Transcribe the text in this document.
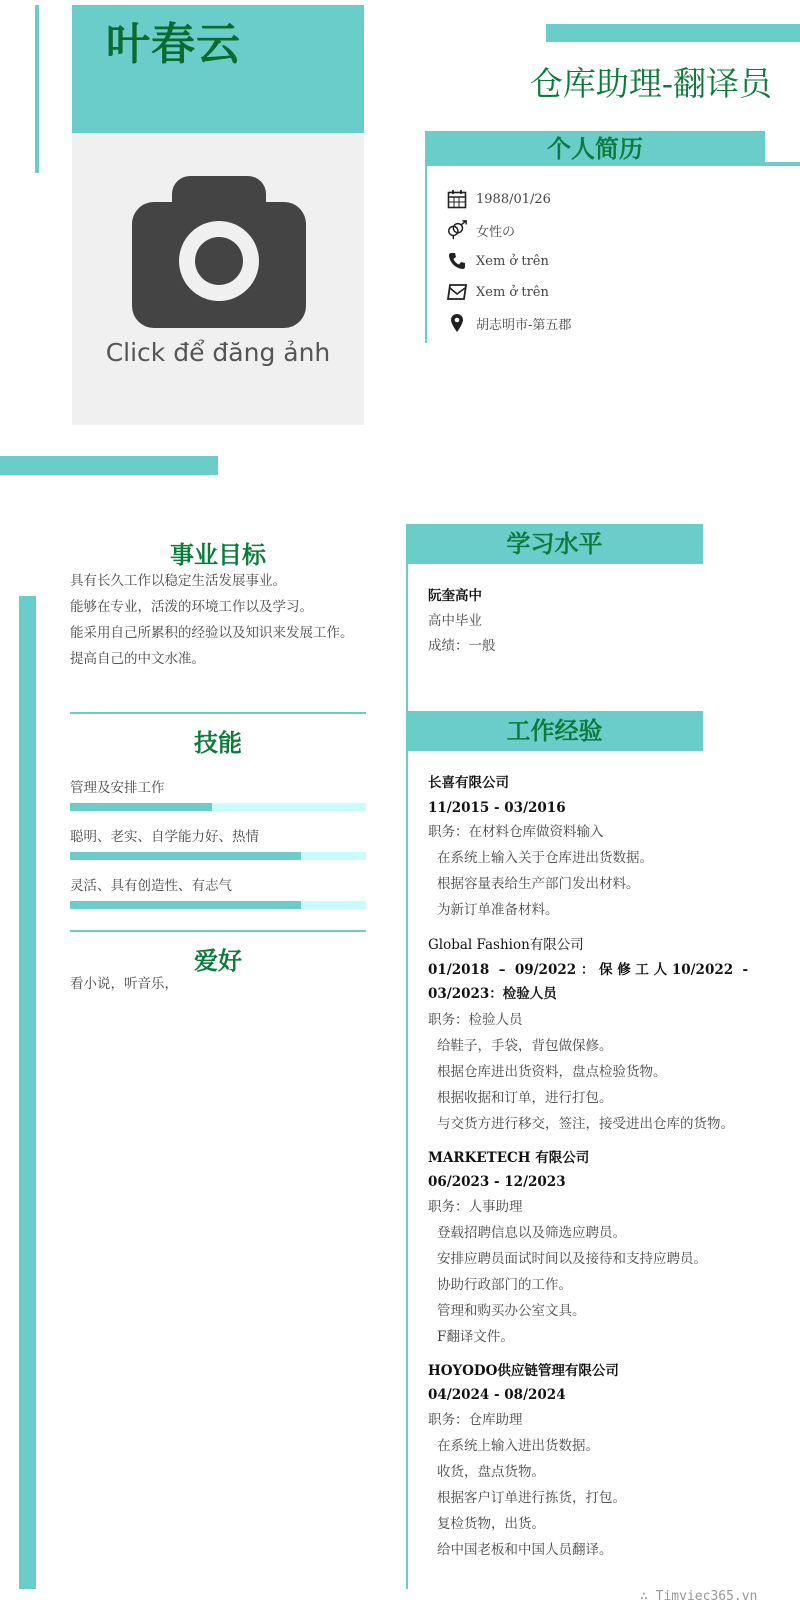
叶春云
Click để đăng ảnh
仓库助理-翻译员
个人简历
1988/01/26
女性の
Xem ở trên
Xem ở trên
胡志明市-第五郡
事业目标
具有长久工作以稳定生活发展事业。
能够在专业，活泼的环境工作以及学习。
能采用自己所累积的经验以及知识来发展工作。
提高自己的中文水准。
技能
管理及安排工作
聪明、老实、自学能力好、热情
灵活、具有创造性、有志气
爱好
看小说，听音乐，
学习水平
阮奎高中
高中毕业
成绩：一般
工作经验
长喜有限公司
11/2015 - 03/2016
职务：在材料仓库做资料输入
在系统上输入关于仓库进出货数据。
根据容量表给生产部门发出材料。
为新订单准备材料。
Global Fashion有限公司
01/2018  –  09/2022 ： 保 修 工 人 10/2022  -
03/2023：检验人员
职务：检验人员
给鞋子，手袋，背包做保修。
根据仓库进出货资料，盘点检验货物。
根据收据和订单，进行打包。
与交货方进行移交，签注，接受进出仓库的货物。
MARKETECH 有限公司
06/2023 - 12/2023
职务：人事助理
登载招聘信息以及筛选应聘员。
安排应聘员面试时间以及接待和支持应聘员。
协助行政部门的工作。
管理和购买办公室文具。
F翻译文件。
HOYODO供应链管理有限公司
04/2024 - 08/2024
职务：仓库助理
在系统上输入进出货数据。
收货，盘点货物。
根据客户订单进行拣货，打包。
复检货物，出货。
给中国老板和中国人员翻译。
∴ Timviec365.vn
